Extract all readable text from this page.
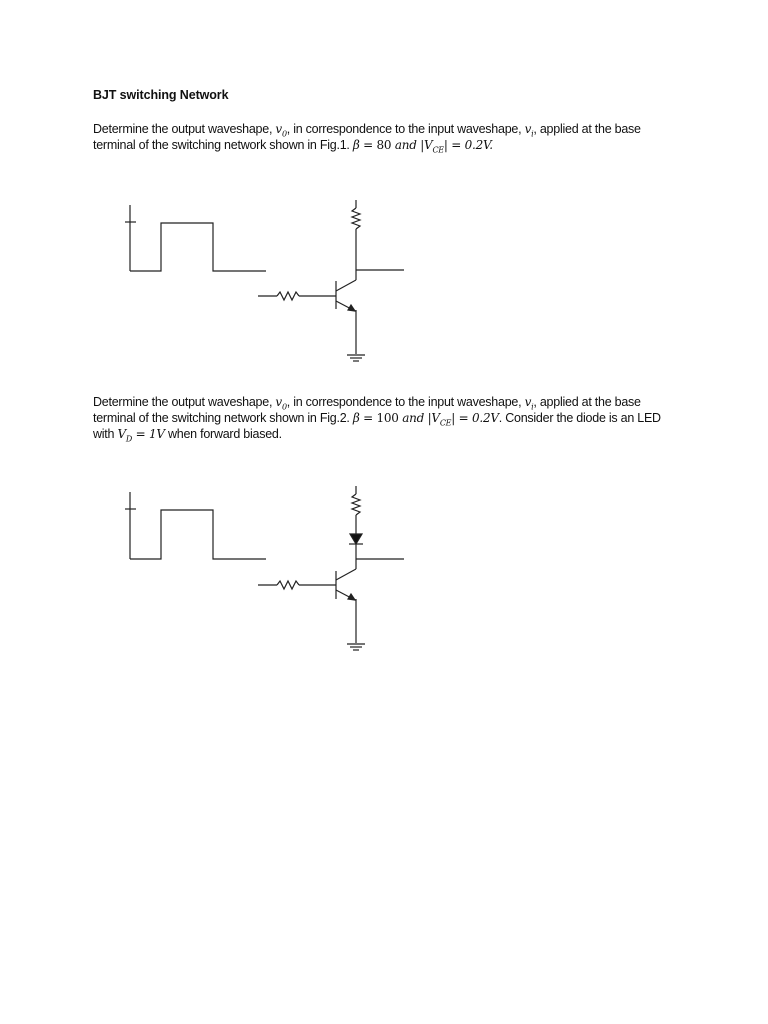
BJT switching Network
Determine the output waveshape, $v_0$, in correspondence to the input waveshape, $v_i$, applied at the base terminal of the switching network shown in Fig.1. β = 80 and $|V_{CE}| = 0.2V$.
Determine the output waveshape, $v_0$, in correspondence to the input waveshape, $v_i$, applied at the base terminal of the switching network shown in Fig.2. β = 100 and $|V_{CE}| = 0.2V$. Consider the diode is an LED with $V_D = 1V$ when forward biased.
